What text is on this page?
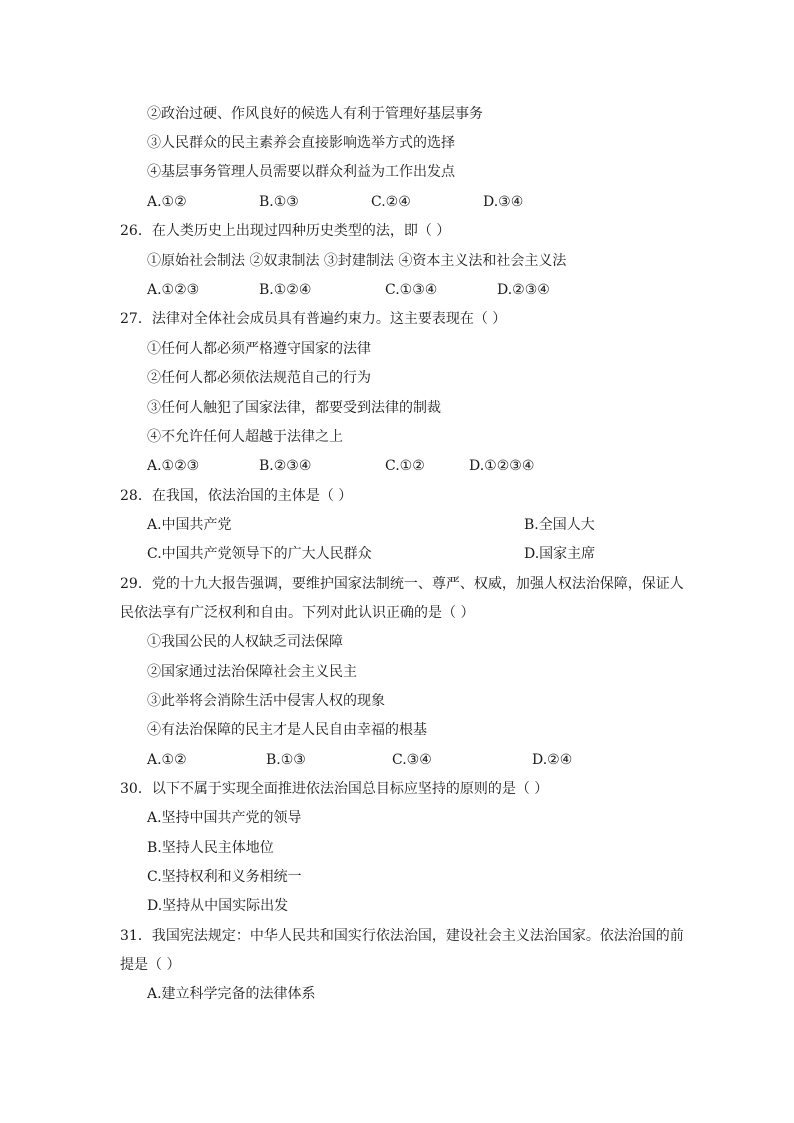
②政治过硬、作风良好的候选人有利于管理好基层事务
③人民群众的民主素养会直接影响选举方式的选择
④基层事务管理人员需要以群众利益为工作出发点
A.①②	B.①③	C.②④	D.③④
26．在人类历史上出现过四种历史类型的法，即（ ）
①原始社会制法 ②奴隶制法 ③封建制法 ④资本主义法和社会主义法
A.①②③	B.①②④	C.①③④	D.②③④
27．法律对全体社会成员具有普遍约束力。这主要表现在（ ）
①任何人都必须严格遵守国家的法律
②任何人都必须依法规范自己的行为
③任何人触犯了国家法律，都要受到法律的制裁
④不允许任何人超越于法律之上
A.①②③	B.②③④	C.①②	D.①②③④
28．在我国，依法治国的主体是（ ）
A.中国共产党	B.全国人大
C.中国共产党领导下的广大人民群众	D.国家主席
29．党的十九大报告强调，要维护国家法制统一、尊严、权威，加强人权法治保障，保证人
民依法享有广泛权利和自由。下列对此认识正确的是（ ）
①我国公民的人权缺乏司法保障
②国家通过法治保障社会主义民主
③此举将会消除生活中侵害人权的现象
④有法治保障的民主才是人民自由幸福的根基
A.①②	B.①③	C.③④	D.②④
30．以下不属于实现全面推进依法治国总目标应坚持的原则的是（ ）
A.坚持中国共产党的领导
B.坚持人民主体地位
C.坚持权利和义务相统一
D.坚持从中国实际出发
31．我国宪法规定：中华人民共和国实行依法治国，建设社会主义法治国家。依法治国的前
提是（ ）
A.建立科学完备的法律体系
